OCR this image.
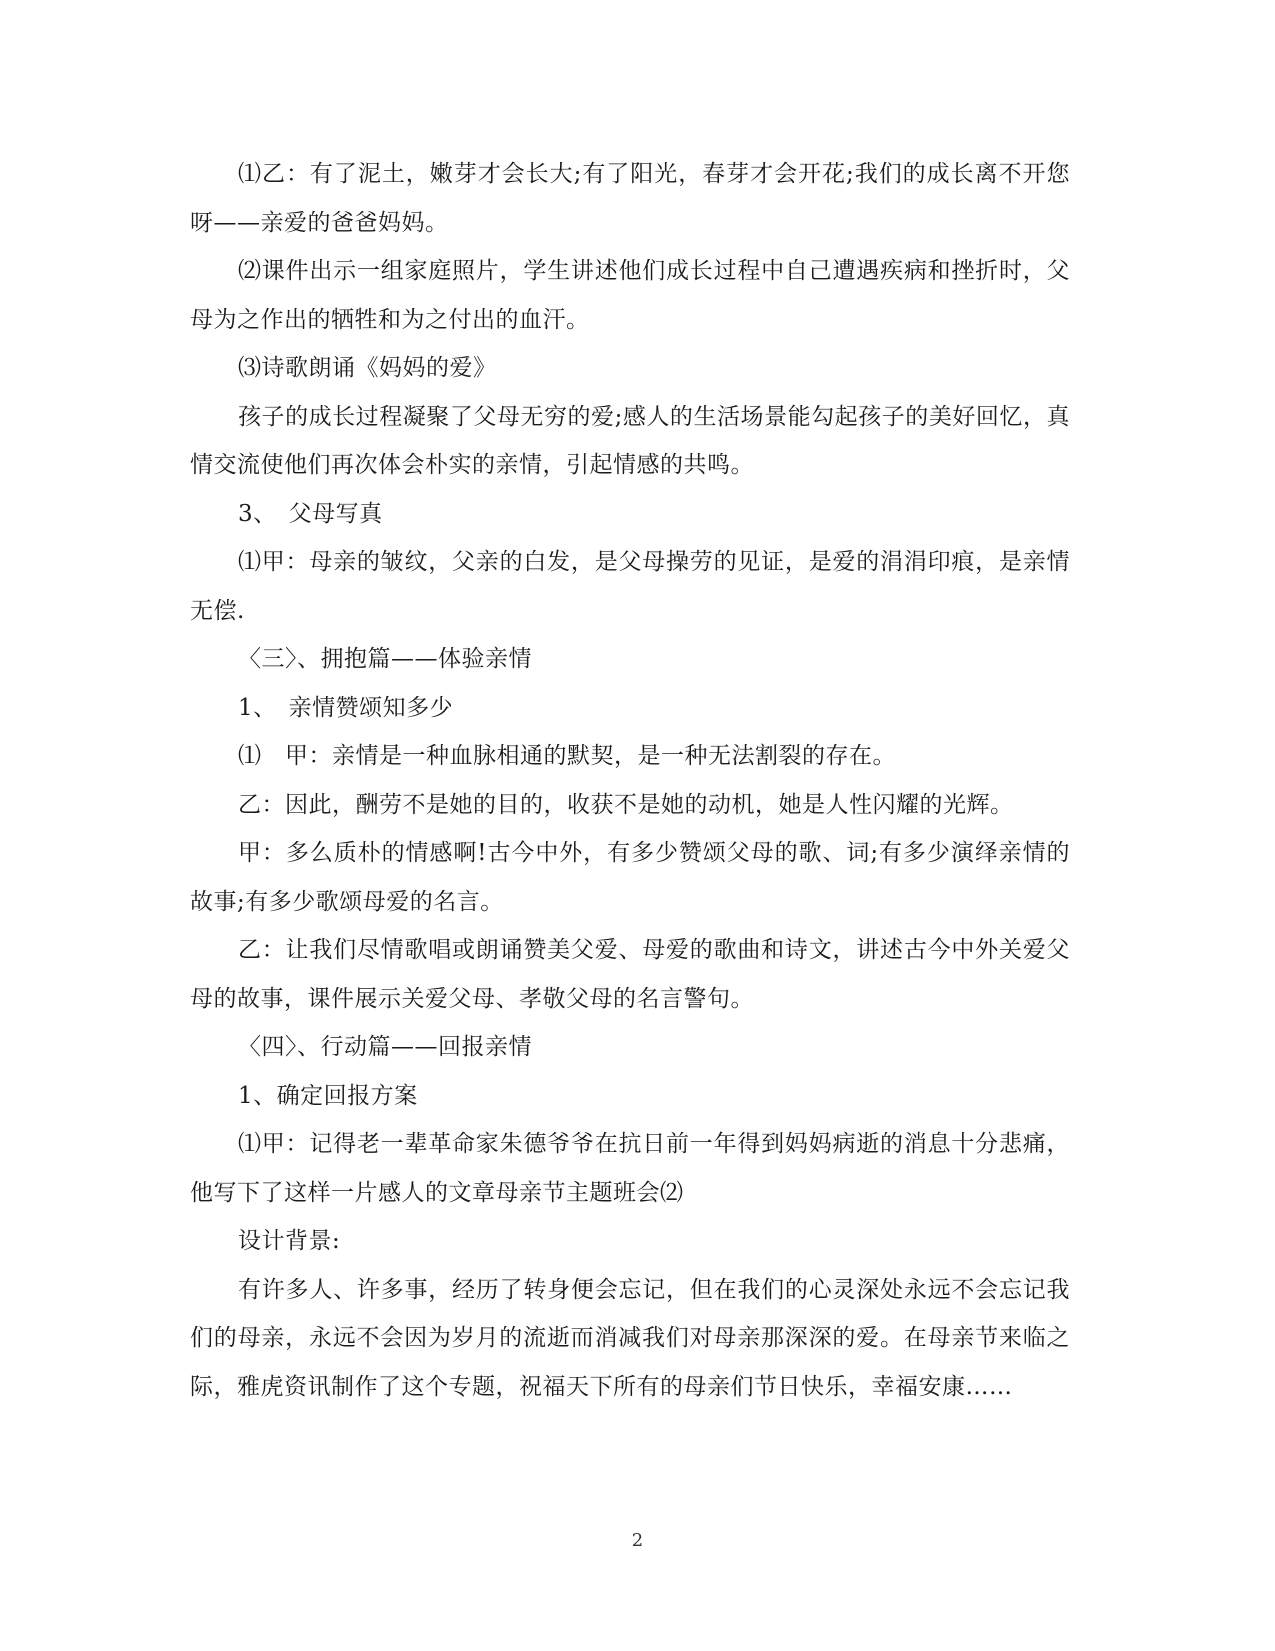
⑴乙：有了泥土，嫩芽才会长大;有了阳光，春芽才会开花;我们的成长离不开您呀——亲爱的爸爸妈妈。

⑵课件出示一组家庭照片，学生讲述他们成长过程中自己遭遇疾病和挫折时，父母为之作出的牺牲和为之付出的血汗。

⑶诗歌朗诵《妈妈的爱》

孩子的成长过程凝聚了父母无穷的爱;感人的生活场景能勾起孩子的美好回忆，真情交流使他们再次体会朴实的亲情，引起情感的共鸣。

3、　父母写真

⑴甲：母亲的皱纹，父亲的白发，是父母操劳的见证，是爱的涓涓印痕，是亲情无偿.

〈三〉、拥抱篇——体验亲情

1、　亲情赞颂知多少

⑴　甲：亲情是一种血脉相通的默契，是一种无法割裂的存在。

乙：因此，酬劳不是她的目的，收获不是她的动机，她是人性闪耀的光辉。

甲：多么质朴的情感啊!古今中外，有多少赞颂父母的歌、词;有多少演绎亲情的故事;有多少歌颂母爱的名言。

乙：让我们尽情歌唱或朗诵赞美父爱、母爱的歌曲和诗文，讲述古今中外关爱父母的故事，课件展示关爱父母、孝敬父母的名言警句。

〈四〉、行动篇——回报亲情

1、确定回报方案

⑴甲：记得老一辈革命家朱德爷爷在抗日前一年得到妈妈病逝的消息十分悲痛，他写下了这样一片感人的文章母亲节主题班会⑵

设计背景:

有许多人、许多事，经历了转身便会忘记，但在我们的心灵深处永远不会忘记我们的母亲，永远不会因为岁月的流逝而消减我们对母亲那深深的爱。在母亲节来临之际，雅虎资讯制作了这个专题，祝福天下所有的母亲们节日快乐，幸福安康……

2
